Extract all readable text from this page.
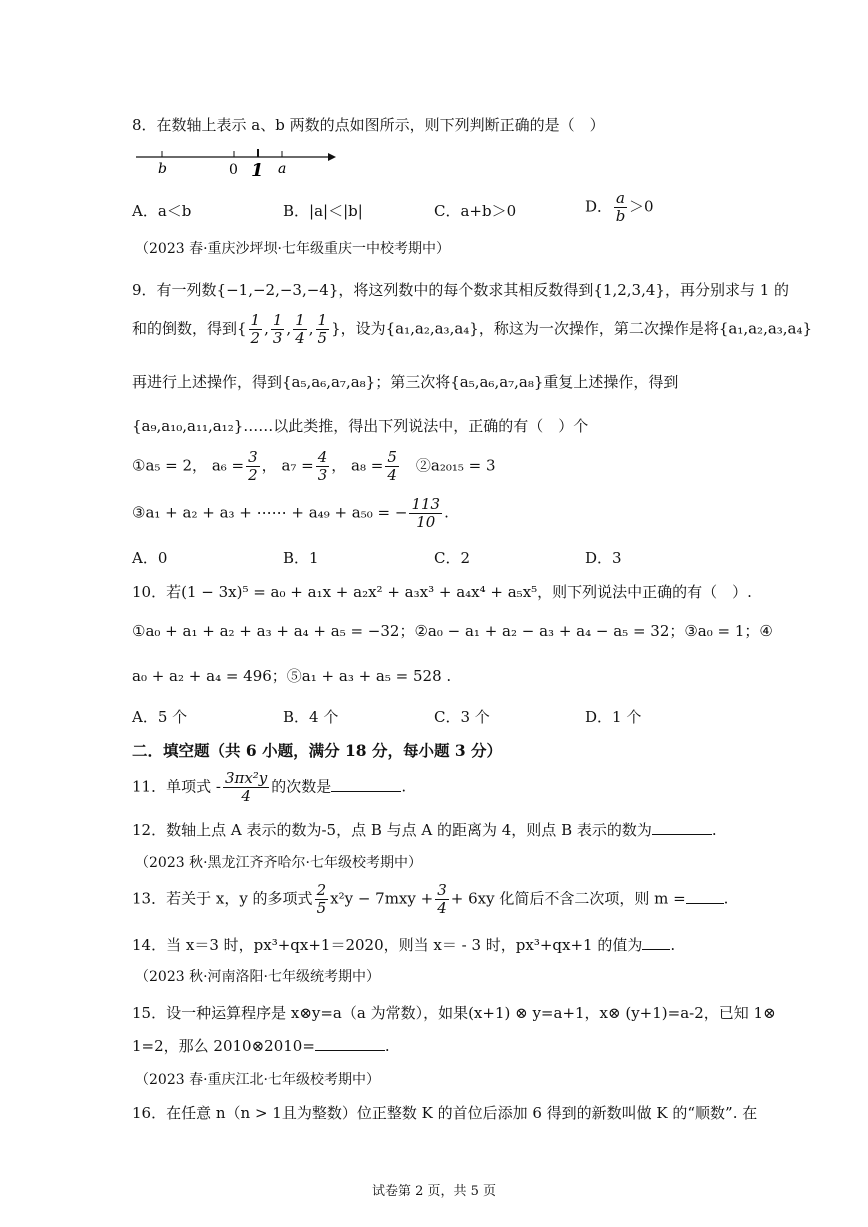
8．在数轴上表示 a、b 两数的点如图所示，则下列判断正确的是（　）
b	0 1 a
A．a＜b	B．|a|＜|b|	C．a+b＞0	D． $\frac{a}{b} >0$
（2023 春·重庆沙坪坝·七年级重庆一中校考期中）
9．有一列数{−1,−2,−3,−4}，将这列数中的每个数求其相反数得到{1,2,3,4}，再分别求与 1 的
和的倒数，得到{ $\frac{1}{2}$ , $\frac{1}{3}$ , $\frac{1}{4}$ , $\frac{1}{5}$ }，设为{a₁,a₂,a₃,a₄}，称这为一次操作，第二次操作是将{a₁,a₂,a₃,a₄}
再进行上述操作，得到{a₅,a₆,a₇,a₈}；第三次将{a₅,a₆,a₇,a₈}重复上述操作，得到
{a₉,a₁₀,a₁₁,a₁₂}……以此类推，得出下列说法中，正确的有（　）个
①a₅ = 2， $a_6 = \frac{3}{2}$ ， $a_7 = \frac{4}{3}$ ， $a_8 = \frac{5}{4}$ 　②a₂₀₁₅ = 3
③a₁ + a₂ + a₃ + ⋯⋯ + a₄₉ + a₅₀ = − $\frac{113}{10}$ .
A．0	B．1	C．2	D．3
10．若(1 − 3x)⁵ = a₀ + a₁x + a₂x² + a₃x³ + a₄x⁴ + a₅x⁵，则下列说法中正确的有（　）.
①a₀ + a₁ + a₂ + a₃ + a₄ + a₅ = −32；②a₀ − a₁ + a₂ − a₃ + a₄ − a₅ = 32；③a₀ = 1；④
a₀ + a₂ + a₄ = 496；⑤a₁ + a₃ + a₅ = 528 .
A．5 个	B．4 个	C．3 个	D．1 个
二．填空题（共 6 小题，满分 18 分，每小题 3 分）
11．单项式 - $\frac{\text{3πx²y}}{4}$ 的次数是	.
12．数轴上点 A 表示的数为-5，点 B 与点 A 的距离为 4，则点 B 表示的数为	.
（2023 秋·黑龙江齐齐哈尔·七年级校考期中）
13．若关于 x，y 的多项式 $\frac{2}{5} x^2y - 7mxy + \frac{3}{4} + 6xy$ 化简后不含二次项，则 m =	.
14．当 x＝3 时，px³+qx+1＝2020，则当 x＝ - 3 时，px³+qx+1 的值为 .
（2023 秋·河南洛阳·七年级统考期中）
15．设一种运算程序是 x⊗y=a（a 为常数），如果(x+1) ⊗ y=a+1，x⊗ (y+1)=a-2，已知 1⊗
1=2，那么 2010⊗2010=	.
（2023 春·重庆江北·七年级校考期中）
16．在任意 n（n > 1且为整数）位正整数 K 的首位后添加 6 得到的新数叫做 K 的“顺数”. 在
试卷第 2 页，共 5 页
